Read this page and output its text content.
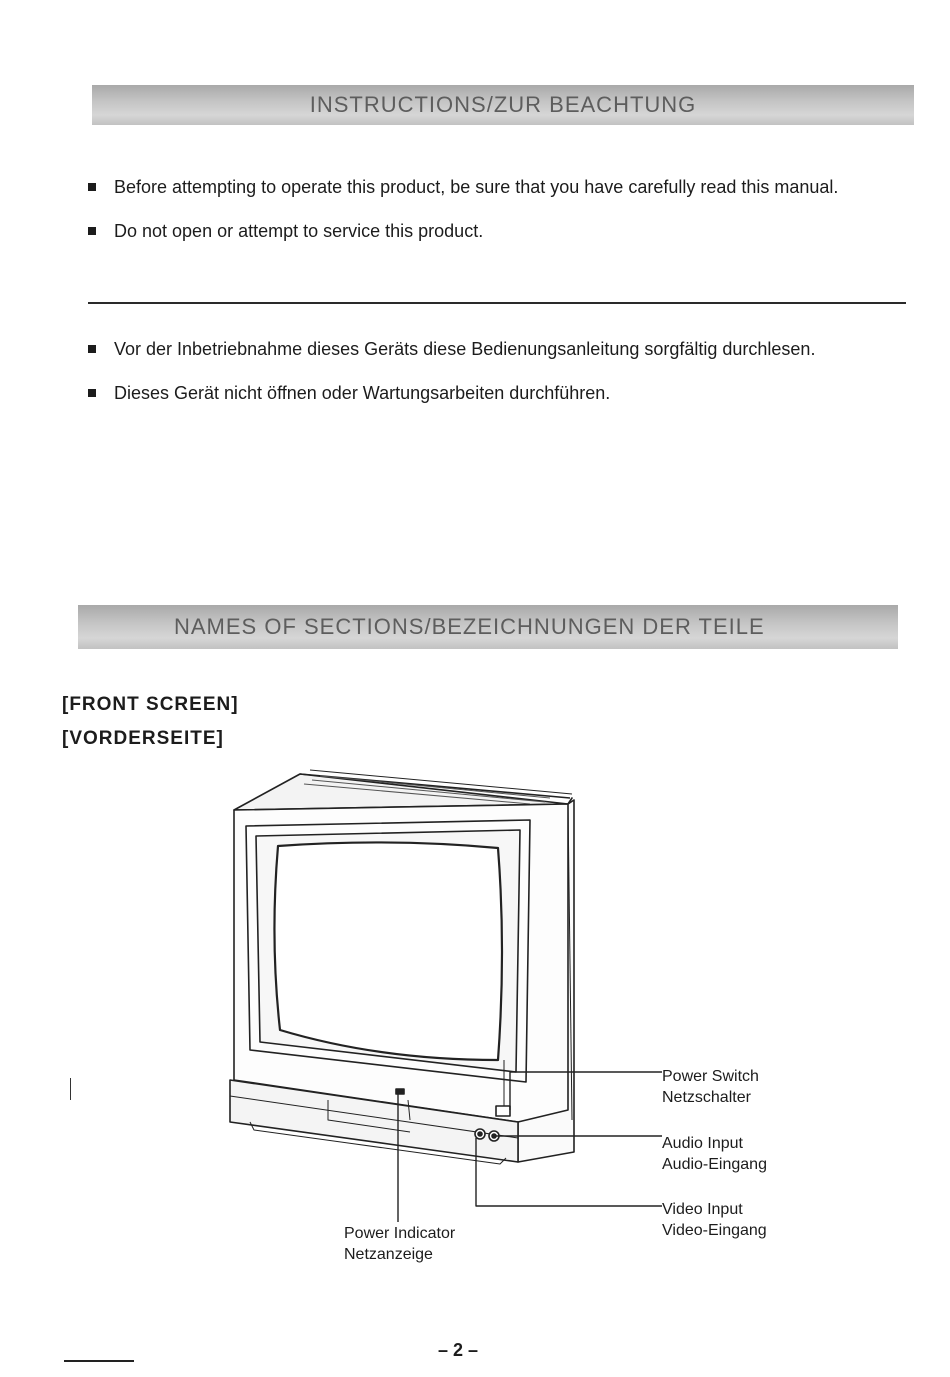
INSTRUCTIONS/ZUR BEACHTUNG
Before attempting to operate this product, be sure that you have carefully read this manual.
Do not open or attempt to service this product.
Vor der Inbetriebnahme dieses Geräts diese Bedienungsanleitung sorgfältig durchlesen.
Dieses Gerät nicht öffnen oder Wartungsarbeiten durchführen.
NAMES OF SECTIONS/BEZEICHNUNGEN DER TEILE
[FRONT SCREEN]
[VORDERSEITE]
Power Switch
Netzschalter
Audio Input
Audio-Eingang
Video Input
Video-Eingang
Power Indicator
Netzanzeige
– 2 –
